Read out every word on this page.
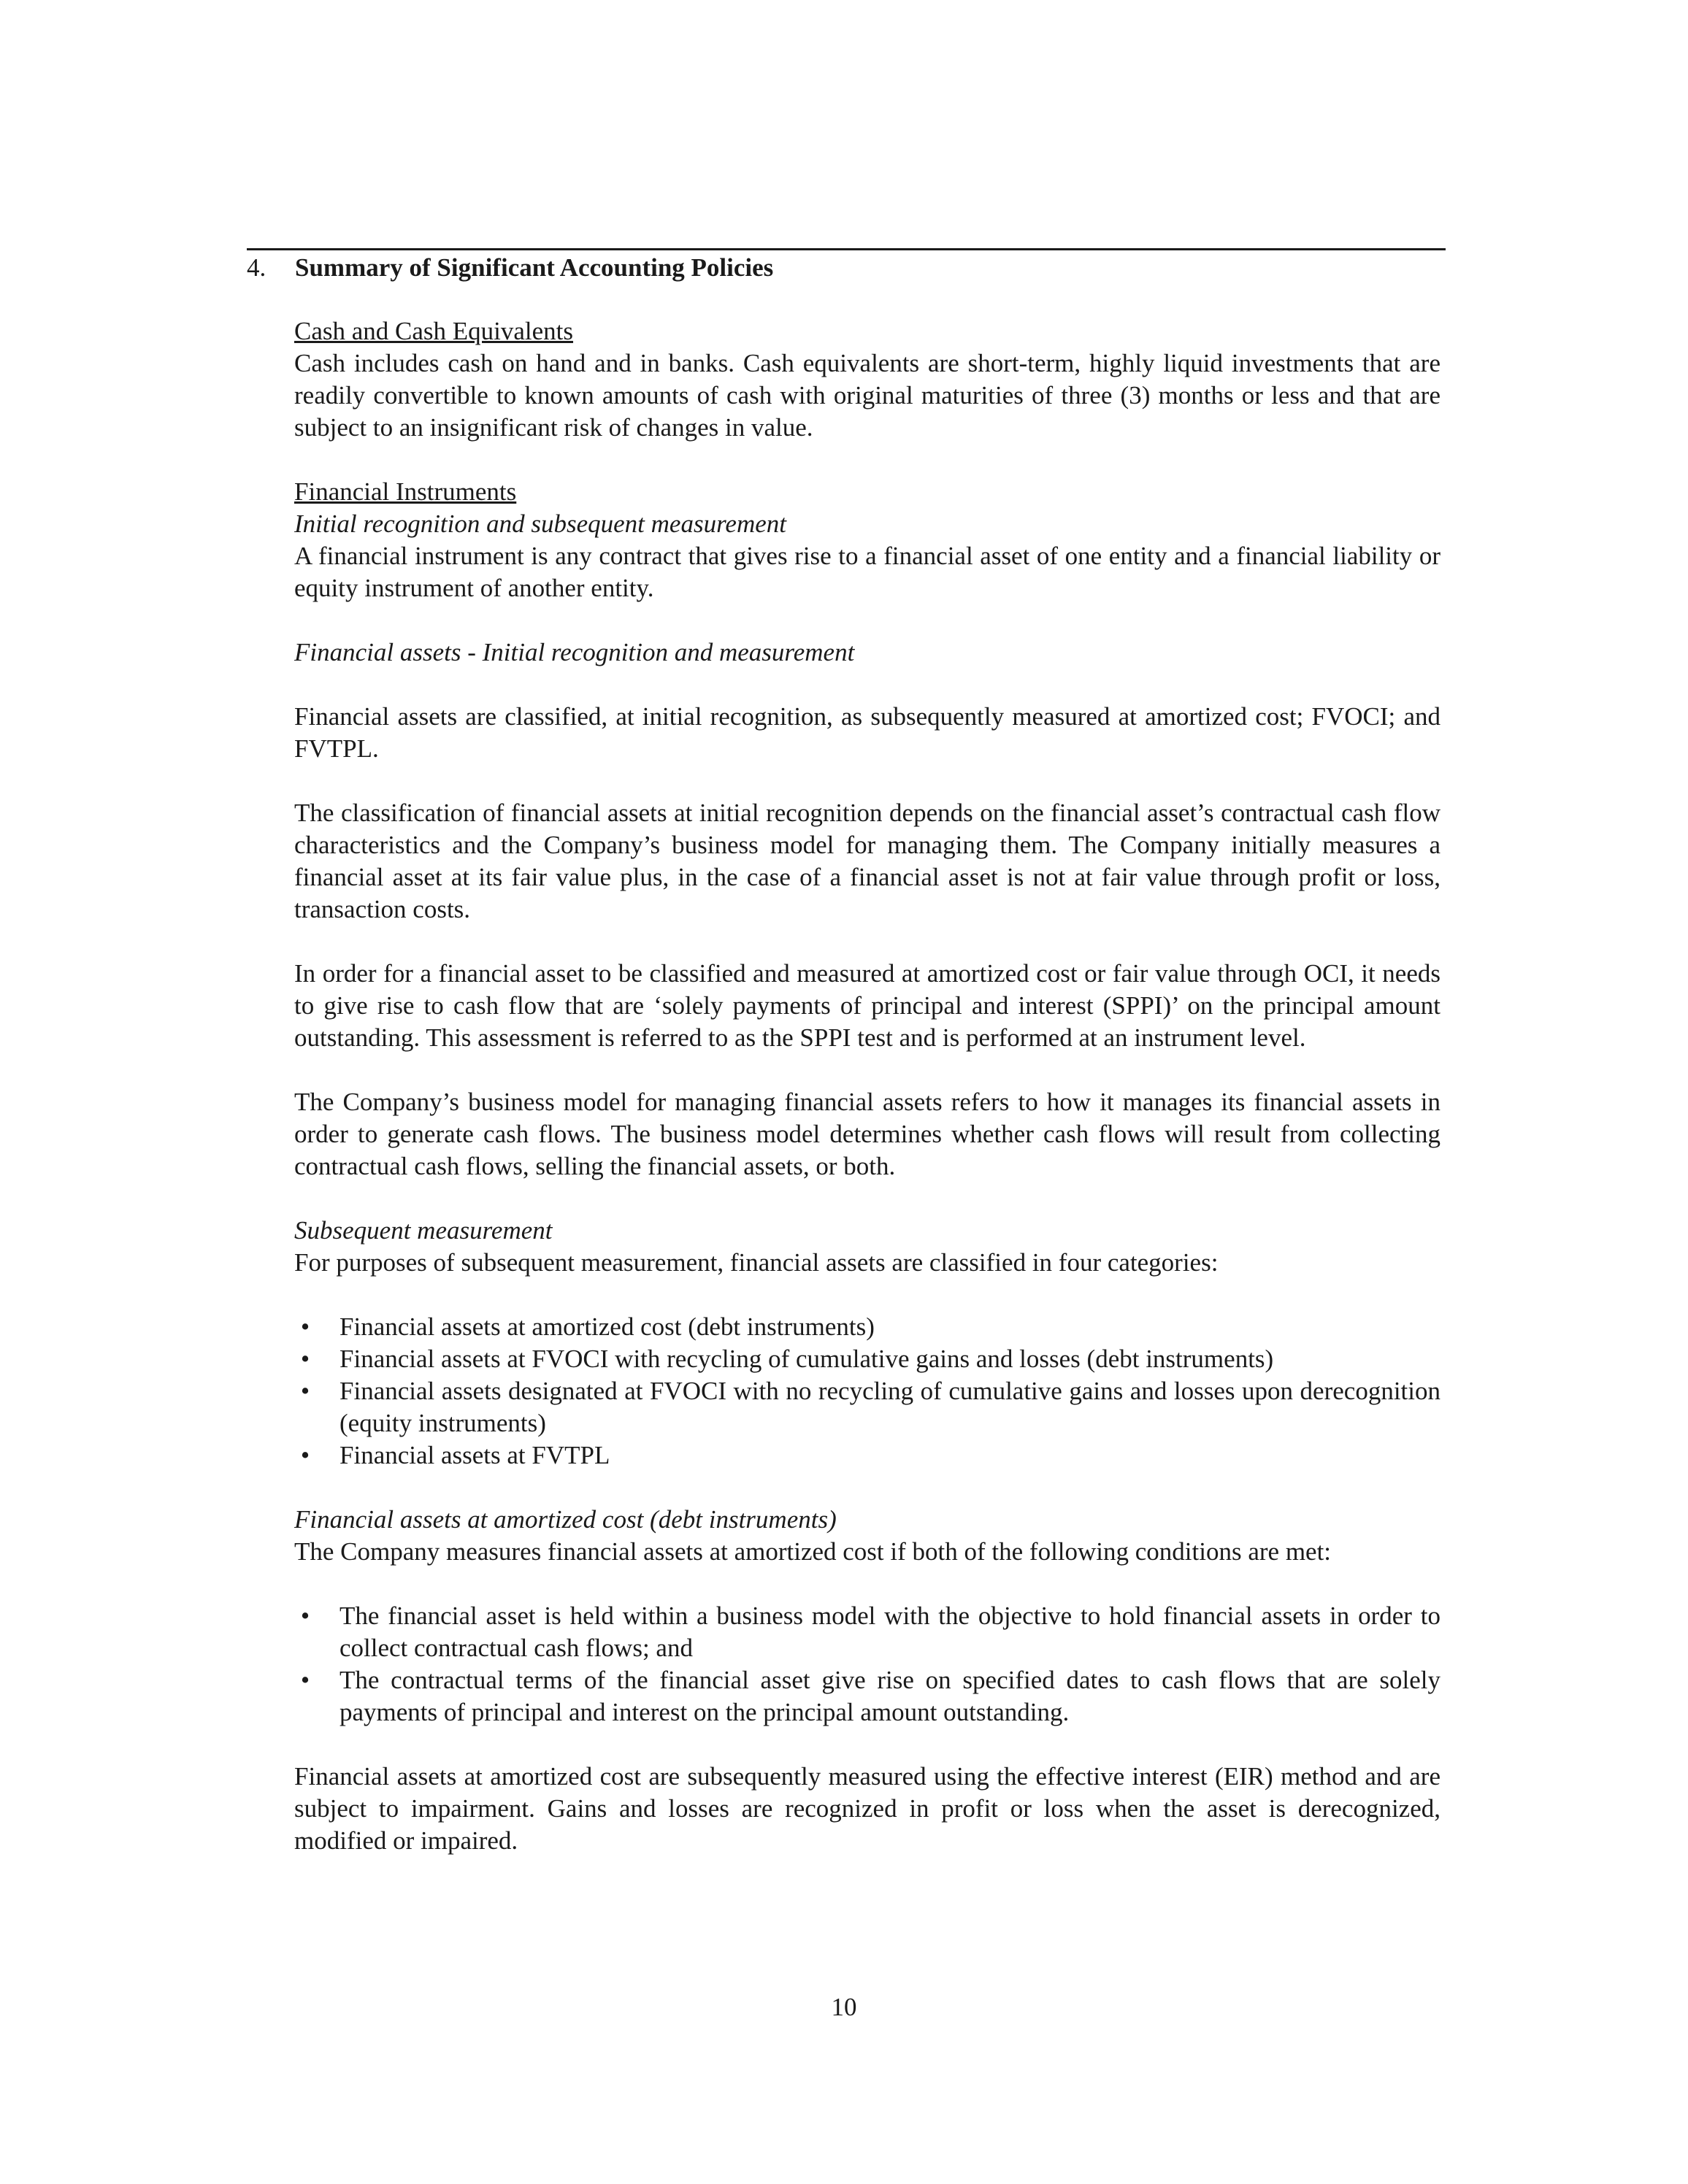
4. Summary of Significant Accounting Policies

Cash and Cash Equivalents

Cash includes cash on hand and in banks. Cash equivalents are short-term, highly liquid investments that are readily convertible to known amounts of cash with original maturities of three (3) months or less and that are subject to an insignificant risk of changes in value.

Financial Instruments

Initial recognition and subsequent measurement

A financial instrument is any contract that gives rise to a financial asset of one entity and a financial liability or equity instrument of another entity.

Financial assets - Initial recognition and measurement

Financial assets are classified, at initial recognition, as subsequently measured at amortized cost; FVOCI; and FVTPL.

The classification of financial assets at initial recognition depends on the financial asset’s contractual cash flow characteristics and the Company’s business model for managing them. The Company initially measures a financial asset at its fair value plus, in the case of a financial asset is not at fair value through profit or loss, transaction costs.

In order for a financial asset to be classified and measured at amortized cost or fair value through OCI, it needs to give rise to cash flow that are ‘solely payments of principal and interest (SPPI)’ on the principal amount outstanding. This assessment is referred to as the SPPI test and is performed at an instrument level.

The Company’s business model for managing financial assets refers to how it manages its financial assets in order to generate cash flows. The business model determines whether cash flows will result from collecting contractual cash flows, selling the financial assets, or both.

Subsequent measurement

For purposes of subsequent measurement, financial assets are classified in four categories:

• Financial assets at amortized cost (debt instruments)
• Financial assets at FVOCI with recycling of cumulative gains and losses (debt instruments)
• Financial assets designated at FVOCI with no recycling of cumulative gains and losses upon derecognition (equity instruments)
• Financial assets at FVTPL

Financial assets at amortized cost (debt instruments)

The Company measures financial assets at amortized cost if both of the following conditions are met:

• The financial asset is held within a business model with the objective to hold financial assets in order to collect contractual cash flows; and
• The contractual terms of the financial asset give rise on specified dates to cash flows that are solely payments of principal and interest on the principal amount outstanding.

Financial assets at amortized cost are subsequently measured using the effective interest (EIR) method and are subject to impairment. Gains and losses are recognized in profit or loss when the asset is derecognized, modified or impaired.

10
